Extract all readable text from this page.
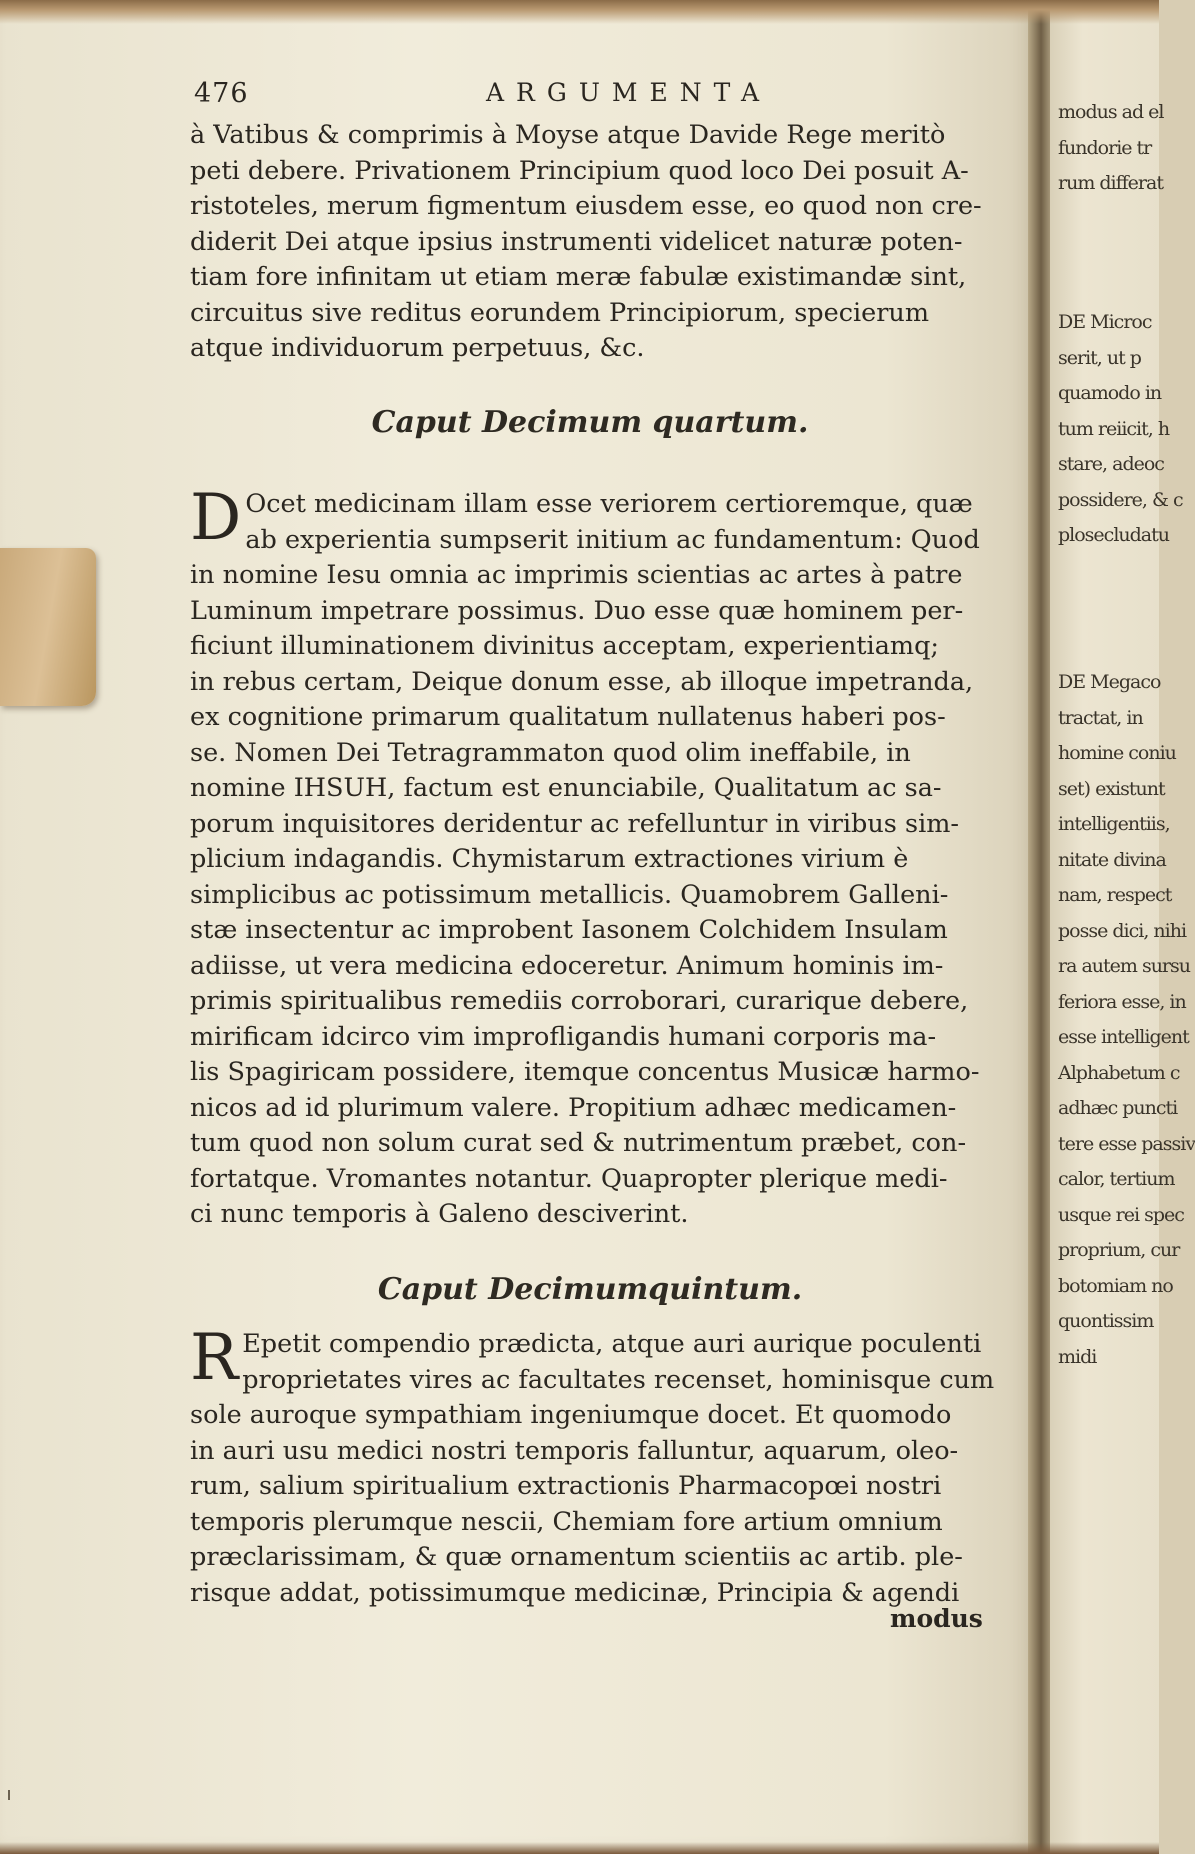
modus ad el
fundorie tr
rum differat
DE Microc
serit, ut p
quamodo in
tum reiicit, h
stare, adeoc
possidere, & c
plosecludatu
DE Megaco
tractat, in
homine coniu
set) existunt
intelligentiis,
nitate divina
nam, respect
posse dici, nihi
ra autem sursu
feriora esse, in
esse intelligent
Alphabetum c
adhæc puncti
tere esse passiv
calor, tertium
usque rei spec
proprium, cur
botomiam no
quontissim
midi
476	ARGUMENTA
à Vatibus & comprimis à Moyse atque Davide Rege meritò
peti debere. Privationem Principium quod loco Dei posuit A-
ristoteles, merum figmentum eiusdem esse, eo quod non cre-
diderit Dei atque ipsius instrumenti videlicet naturæ poten-
tiam fore infinitam ut etiam meræ fabulæ existimandæ sint,
circuitus sive reditus eorundem Principiorum, specierum
atque individuorum perpetuus, &c.
Caput Decimum quartum.
D Ocet medicinam illam esse veriorem certioremque, quæ
ab experientia sumpserit initium ac fundamentum: Quod
in nomine Iesu omnia ac imprimis scientias ac artes à patre
Luminum impetrare possimus. Duo esse quæ hominem per-
ficiunt illuminationem divinitus acceptam, experientiamq;
in rebus certam, Deique donum esse, ab illoque impetranda,
ex cognitione primarum qualitatum nullatenus haberi pos-
se. Nomen Dei Tetragrammaton quod olim ineffabile, in
nomine IHSUH, factum est enunciabile, Qualitatum ac sa-
porum inquisitores deridentur ac refelluntur in viribus sim-
plicium indagandis. Chymistarum extractiones virium è
simplicibus ac potissimum metallicis. Quamobrem Galleni-
stæ insectentur ac improbent Iasonem Colchidem Insulam
adiisse, ut vera medicina edoceretur. Animum hominis im-
primis spiritualibus remediis corroborari, curarique debere,
mirificam idcirco vim improfligandis humani corporis ma-
lis Spagiricam possidere, itemque concentus Musicæ harmo-
nicos ad id plurimum valere. Propitium adhæc medicamen-
tum quod non solum curat sed & nutrimentum præbet, con-
fortatque. Vromantes notantur. Quapropter plerique medi-
ci nunc temporis à Galeno desciverint.
Caput Decimumquintum.
R Epetit compendio prædicta, atque auri aurique poculenti
proprietates vires ac facultates recenset, hominisque cum
sole auroque sympathiam ingeniumque docet. Et quomodo
in auri usu medici nostri temporis falluntur, aquarum, oleo-
rum, salium spiritualium extractionis Pharmacopœi nostri
temporis plerumque nescii, Chemiam fore artium omnium
præclarissimam, & quæ ornamentum scientiis ac artib. ple-
risque addat, potissimumque medicinæ, Principia & agendi
modus
